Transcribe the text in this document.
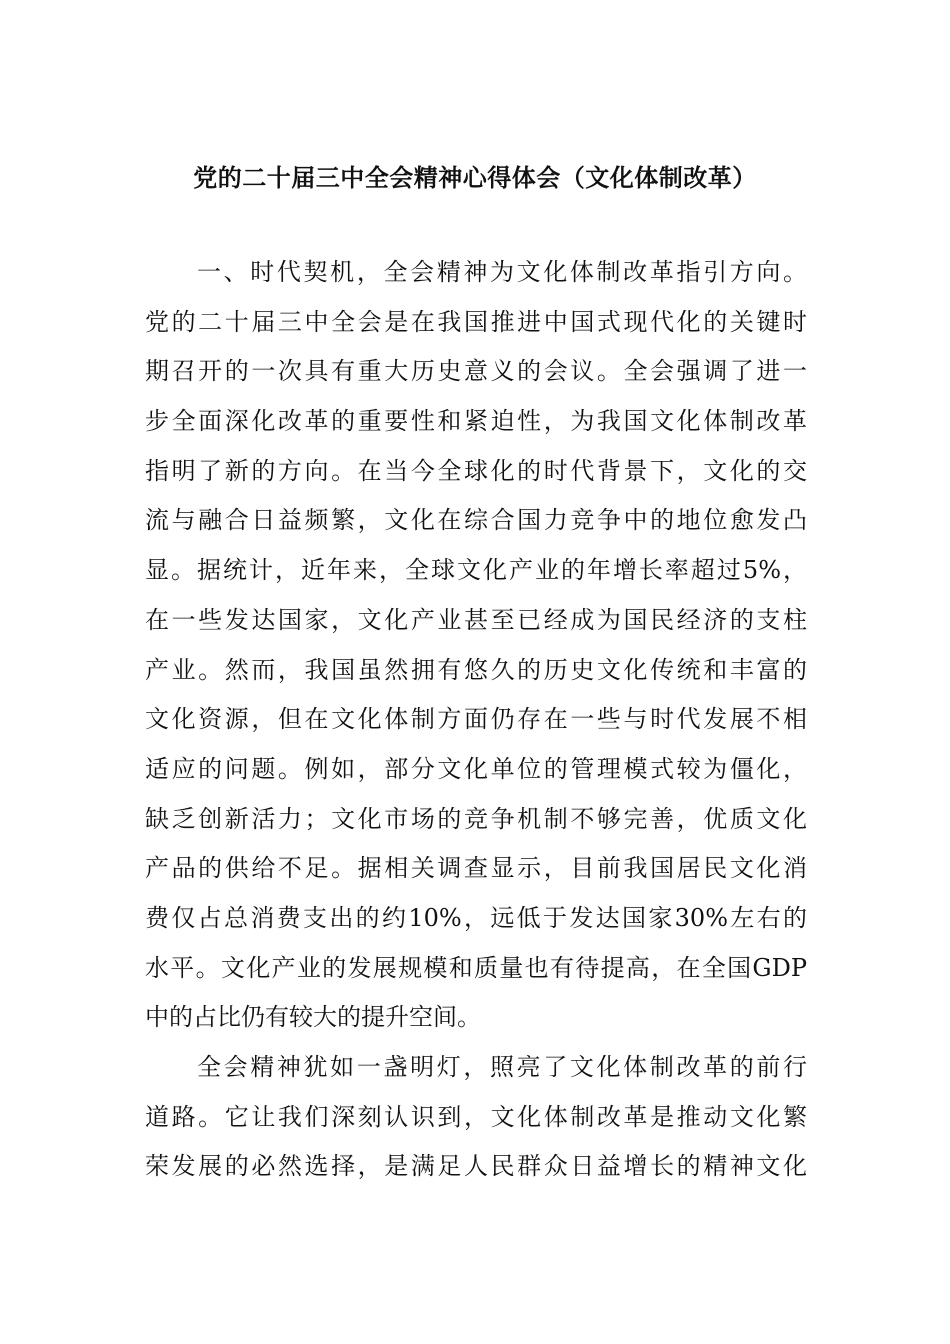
党的二十届三中全会精神心得体会（文化体制改革）
一、时代契机，全会精神为文化体制改革指引方向。
党的二十届三中全会是在我国推进中国式现代化的关键时
期召开的一次具有重大历史意义的会议。全会强调了进一
步全面深化改革的重要性和紧迫性，为我国文化体制改革
指明了新的方向。在当今全球化的时代背景下，文化的交
流与融合日益频繁，文化在综合国力竞争中的地位愈发凸
显。据统计，近年来，全球文化产业的年增长率超过5%，
在一些发达国家，文化产业甚至已经成为国民经济的支柱
产业。然而，我国虽然拥有悠久的历史文化传统和丰富的
文化资源，但在文化体制方面仍存在一些与时代发展不相
适应的问题。例如，部分文化单位的管理模式较为僵化，
缺乏创新活力；文化市场的竞争机制不够完善，优质文化
产品的供给不足。据相关调查显示，目前我国居民文化消
费仅占总消费支出的约10%，远低于发达国家30%左右的
水平。文化产业的发展规模和质量也有待提高，在全国GDP
中的占比仍有较大的提升空间。
全会精神犹如一盏明灯，照亮了文化体制改革的前行
道路。它让我们深刻认识到，文化体制改革是推动文化繁
荣发展的必然选择，是满足人民群众日益增长的精神文化
